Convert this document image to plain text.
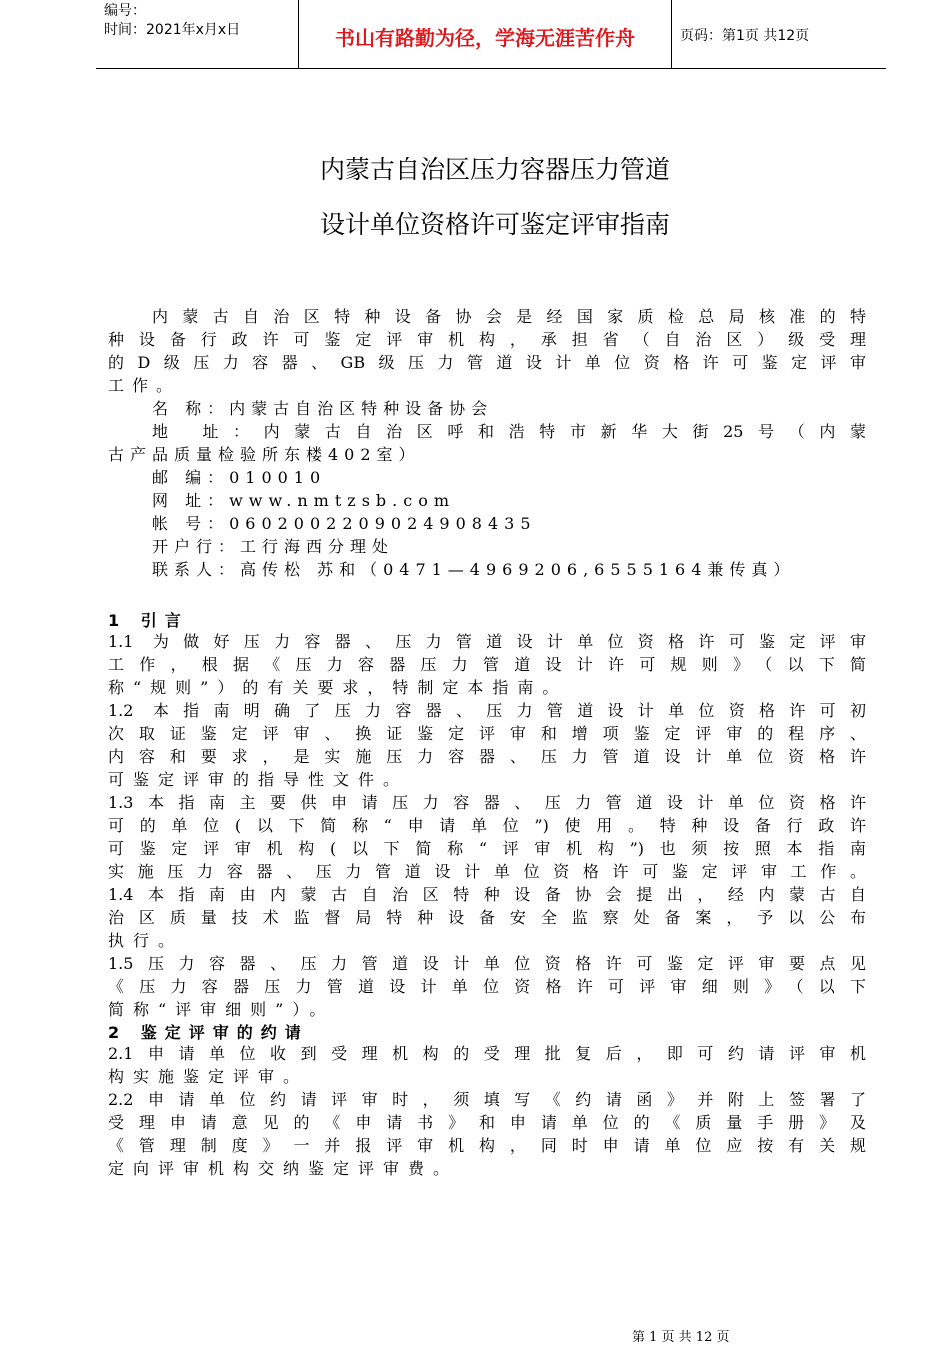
编号：
时间：2021年x月x日	书山有路勤为径，学海无涯苦作舟	页码：第1页 共12页
内蒙古自治区压力容器压力管道
设计单位资格许可鉴定评审指南
内蒙古自治区特种设备协会是经国家质检总局核准的特
种设备行政许可鉴定评审机构，承担省（自治区）级受理
的D级压力容器、GB级压力管道设计单位资格许可鉴定评审
工作。
名 称：内蒙古自治区特种设备协会
地 址：内蒙古自治区呼和浩特市新华大街25号（内蒙
古产品质量检验所东楼402室）
邮 编：010010
网 址：www.nmtzsb.com
帐 号：0602002209024908435
开户行：工行海西分理处
联系人：高传松 苏和（0471—4969206,6555164兼传真）
1 引言
1.1 为做好压力容器、压力管道设计单位资格许可鉴定评审
工作，根据《压力容器压力管道设计许可规则》（以下简
称“规则”）的有关要求，特制定本指南。
1.2 本指南明确了压力容器、压力管道设计单位资格许可初
次取证鉴定评审、换证鉴定评审和增项鉴定评审的程序、
内容和要求，是实施压力容器、压力管道设计单位资格许
可鉴定评审的指导性文件。
1.3本指南主要供申请压力容器、压力管道设计单位资格许
可的单位(以下简称“申请单位”)使用。特种设备行政许
可鉴定评审机构(以下简称“评审机构”)也须按照本指南
实施压力容器、压力管道设计单位资格许可鉴定评审工作。
1.4本指南由内蒙古自治区特种设备协会提出，经内蒙古自
治区质量技术监督局特种设备安全监察处备案，予以公布
执行。
1.5压力容器、压力管道设计单位资格许可鉴定评审要点见
《压力容器压力管道设计单位资格许可评审细则》（以下
简称“评审细则”）。
2 鉴定评审的约请
2.1申请单位收到受理机构的受理批复后，即可约请评审机
构实施鉴定评审。
2.2申请单位约请评审时，须填写《约请函》并附上签署了
受理申请意见的《申请书》和申请单位的《质量手册》及
《管理制度》一并报评审机构，同时申请单位应按有关规
定向评审机构交纳鉴定评审费。
第 1 页 共 12 页
